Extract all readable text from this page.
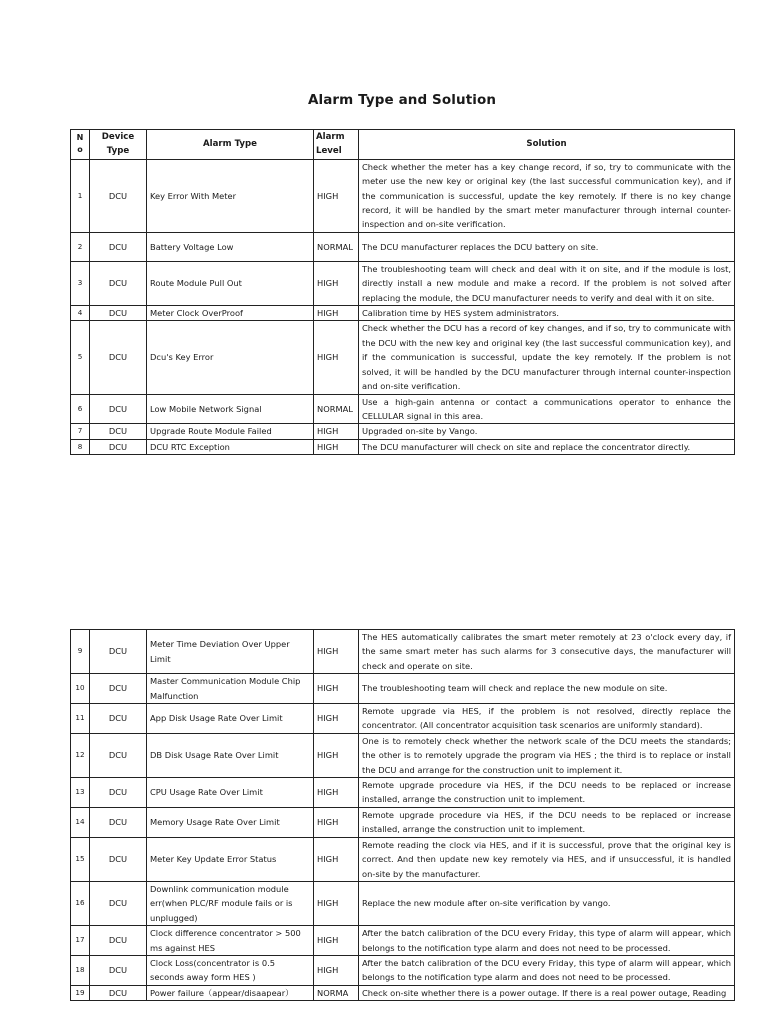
Alarm Type and Solution
N o	Device Type	Alarm Type	Alarm Level	Solution
1	DCU	Key Error With Meter	HIGH	Check whether the meter has a key change record, if so, try to communicate with the meter use the new key or original key (the last successful communication key), and if the communication is successful, update the key remotely. If there is no key change record, it will be handled by the smart meter manufacturer through internal counter-inspection and on-site verification.
2	DCU	Battery Voltage Low	NORMAL	The DCU manufacturer replaces the DCU battery on site.
3	DCU	Route Module Pull Out	HIGH	The troubleshooting team will check and deal with it on site, and if the module is lost, directly install a new module and make a record. If the problem is not solved after replacing the module, the DCU manufacturer needs to verify and deal with it on site.
4	DCU	Meter Clock OverProof	HIGH	Calibration time by HES system administrators.
5	DCU	Dcu's Key Error	HIGH	Check whether the DCU has a record of key changes, and if so, try to communicate with the DCU with the new key and original key (the last successful communication key), and if the communication is successful, update the key remotely. If the problem is not solved, it will be handled by the DCU manufacturer through internal counter-inspection and on-site verification.
6	DCU	Low Mobile Network Signal	NORMAL	Use a high-gain antenna or contact a communications operator to enhance the CELLULAR signal in this area.
7	DCU	Upgrade Route Module Failed	HIGH	Upgraded on-site by Vango.
8	DCU	DCU RTC Exception	HIGH	The DCU manufacturer will check on site and replace the concentrator directly.
9	DCU	Meter Time Deviation Over Upper Limit	HIGH	The HES automatically calibrates the smart meter remotely at 23 o'clock every day, if the same smart meter has such alarms for 3 consecutive days, the manufacturer will check and operate on site.
10	DCU	Master Communication Module Chip Malfunction	HIGH	The troubleshooting team will check and replace the new module on site.
11	DCU	App Disk Usage Rate Over Limit	HIGH	Remote upgrade via HES, if the problem is not resolved, directly replace the concentrator. (All concentrator acquisition task scenarios are uniformly standard).
12	DCU	DB Disk Usage Rate Over Limit	HIGH	One is to remotely check whether the network scale of the DCU meets the standards; the other is to remotely upgrade the program via HES ; the third is to replace or install the DCU and arrange for the construction unit to implement it.
13	DCU	CPU Usage Rate Over Limit	HIGH	Remote upgrade procedure via HES, if the DCU needs to be replaced or increase installed, arrange the construction unit to implement.
14	DCU	Memory Usage Rate Over Limit	HIGH	Remote upgrade procedure via HES, if the DCU needs to be replaced or increase installed, arrange the construction unit to implement.
15	DCU	Meter Key Update Error Status	HIGH	Remote reading the clock via HES, and if it is successful, prove that the original key is correct. And then update new key remotely via HES, and if unsuccessful, it is handled on-site by the manufacturer.
16	DCU	Downlink communication module err(when PLC/RF module fails or is unplugged)	HIGH	Replace the new module after on-site verification by vango.
17	DCU	Clock difference concentrator > 500 ms against HES	HIGH	After the batch calibration of the DCU every Friday, this type of alarm will appear, which belongs to the notification type alarm and does not need to be processed.
18	DCU	Clock Loss(concentrator is 0.5 seconds away form HES )	HIGH	After the batch calibration of the DCU every Friday, this type of alarm will appear, which belongs to the notification type alarm and does not need to be processed.
19	DCU	Power failure（appear/disaapear）	NORMA	Check on-site whether there is a power outage. If there is a real power outage, Reading
